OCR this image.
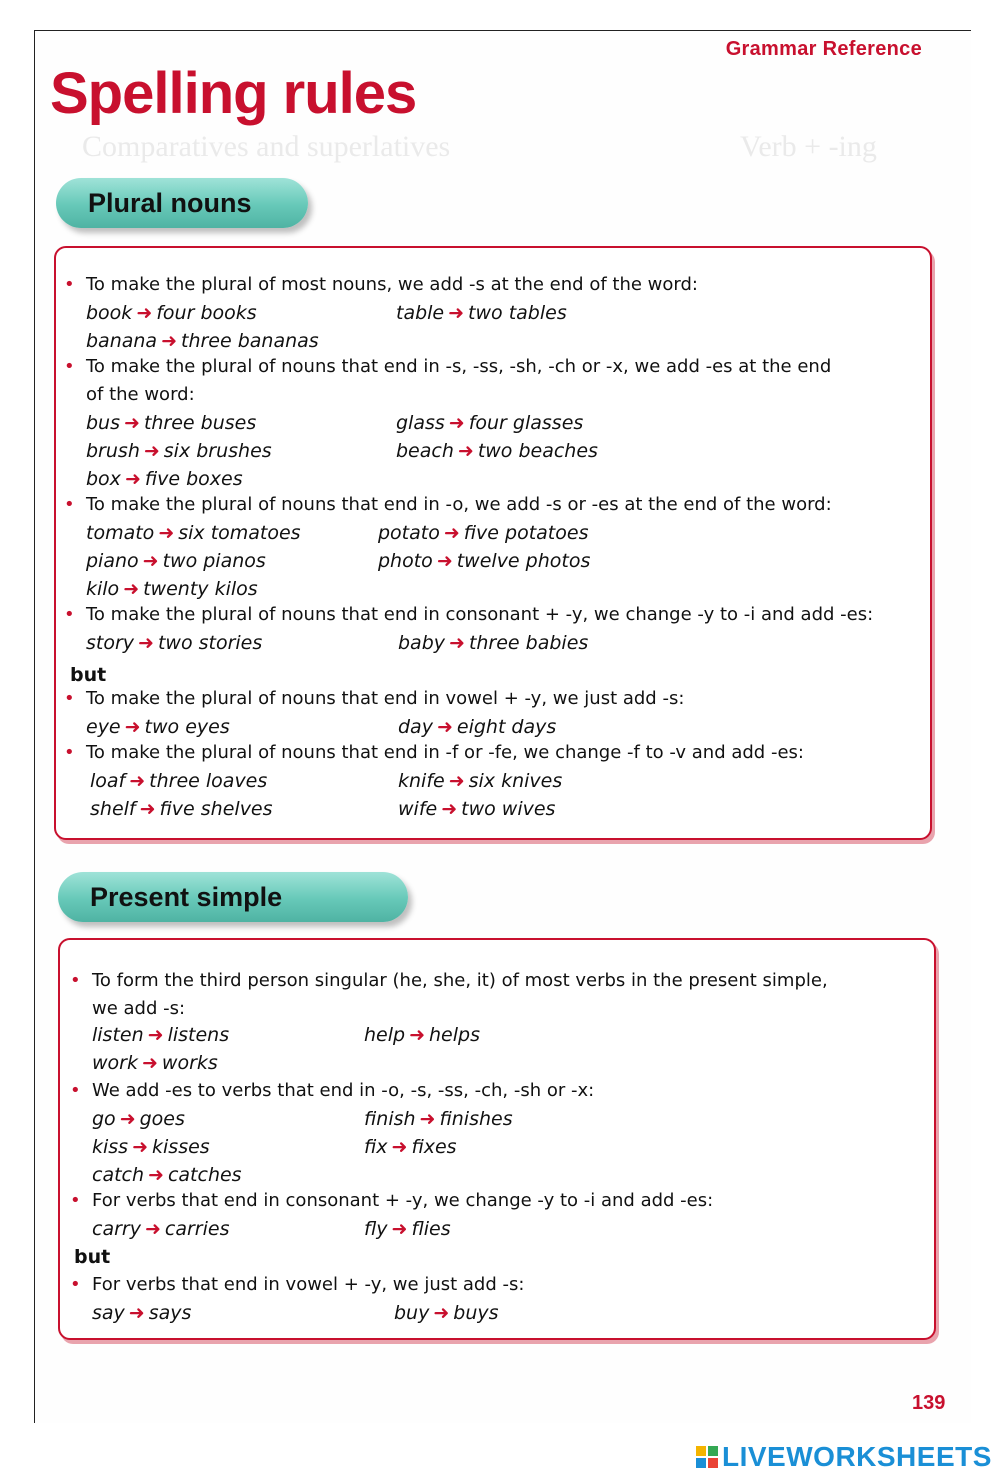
Grammar Reference
Spelling rules
Comparatives and superlatives	Verb + -ing
Plural nouns
• To make the plural of most nouns, we add -s at the end of the word:
• To make the plural of nouns that end in -s, -ss, -sh, -ch or -x, we add -es at the end
of the word:
• To make the plural of nouns that end in -o, we add -s or -es at the end of the word:
• To make the plural of nouns that end in consonant + -y, we change -y to -i and add -es:
but
• To make the plural of nouns that end in vowel + -y, we just add -s:
• To make the plural of nouns that end in -f or -fe, we change -f to -v and add -es:
book ➜ four books	table ➜ two tables
banana ➜ three bananas
bus ➜ three buses	glass ➜ four glasses
brush ➜ six brushes	beach ➜ two beaches
box ➜ five boxes
tomato ➜ six tomatoes	potato ➜ five potatoes
piano ➜ two pianos	photo ➜ twelve photos
kilo ➜ twenty kilos
story ➜ two stories	baby ➜ three babies
eye ➜ two eyes	day ➜ eight days
loaf ➜ three loaves	knife ➜ six knives
shelf ➜ five shelves	wife ➜ two wives
Present simple
• To form the third person singular (he, she, it) of most verbs in the present simple,
we add -s:
• We add -es to verbs that end in -o, -s, -ss, -ch, -sh or -x:
• For verbs that end in consonant + -y, we change -y to -i and add -es:
but
• For verbs that end in vowel + -y, we just add -s:
listen ➜ listens	help ➜ helps
work ➜ works
go ➜ goes	finish ➜ finishes
kiss ➜ kisses	fix ➜ fixes
catch ➜ catches
carry ➜ carries	fly ➜ flies
say ➜ says	buy ➜ buys
139
LIVEWORKSHEETS
